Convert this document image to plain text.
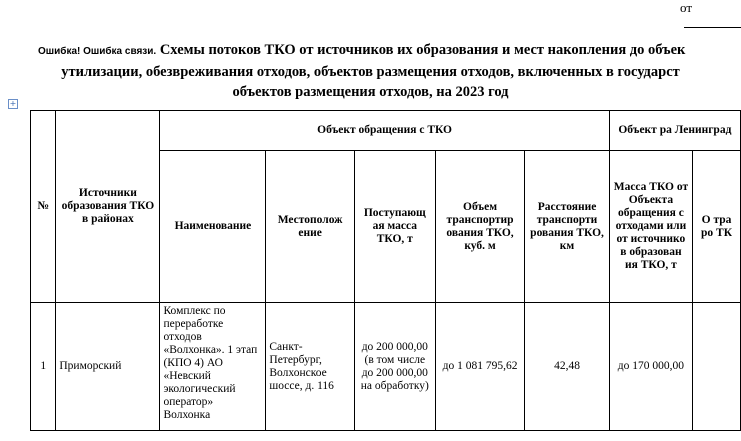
от
Ошибка! Ошибка связи. Схемы потоков ТКО от источников их образования и мест накопления до объек
утилизации, обезвреживания отходов, объектов размещения отходов, включенных в государст
объектов размещения отходов, на 2023 год
+
№	Источники образования ТКО в районах	Объект обращения с ТКО					Объект ра Ленинград	
		Наименование	Местополож ение	Поступающ ая масса ТКО, т	Объем транспортир ования ТКО, куб. м	Расстояние транспорти рования ТКО, км	Масса ТКО от Объекта обращения с отходами или от источнико в образован ия ТКО, т	О тра ро ТК
1	Приморский	Комплекс по переработке отходов «Волхонка». 1 этап (КПО 4) АО «Невский экологический оператор» Волхонка	Санкт-Петербург, Волхонское шоссе, д. 116	до 200 000,00 (в том числе до 200 000,00 на обработку)	до 1 081 795,62	42,48	до 170 000,00	
